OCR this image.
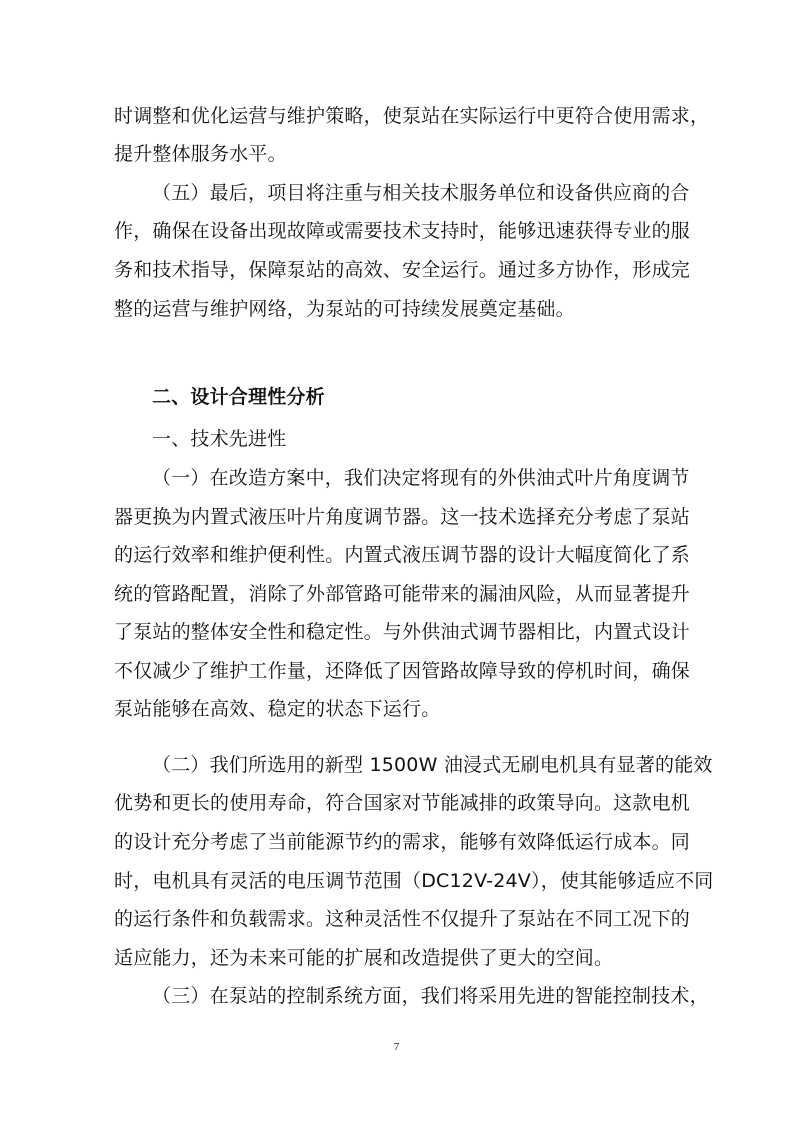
时调整和优化运营与维护策略，使泵站在实际运行中更符合使用需求，
提升整体服务水平。
（五）最后，项目将注重与相关技术服务单位和设备供应商的合
作，确保在设备出现故障或需要技术支持时，能够迅速获得专业的服
务和技术指导，保障泵站的高效、安全运行。通过多方协作，形成完
整的运营与维护网络，为泵站的可持续发展奠定基础。
二、设计合理性分析
一、技术先进性
（一）在改造方案中，我们决定将现有的外供油式叶片角度调节
器更换为内置式液压叶片角度调节器。这一技术选择充分考虑了泵站
的运行效率和维护便利性。内置式液压调节器的设计大幅度简化了系
统的管路配置，消除了外部管路可能带来的漏油风险，从而显著提升
了泵站的整体安全性和稳定性。与外供油式调节器相比，内置式设计
不仅减少了维护工作量，还降低了因管路故障导致的停机时间，确保
泵站能够在高效、稳定的状态下运行。
（二）我们所选用的新型 1500W 油浸式无刷电机具有显著的能效
优势和更长的使用寿命，符合国家对节能减排的政策导向。这款电机
的设计充分考虑了当前能源节约的需求，能够有效降低运行成本。同
时，电机具有灵活的电压调节范围（DC12V-24V），使其能够适应不同
的运行条件和负载需求。这种灵活性不仅提升了泵站在不同工况下的
适应能力，还为未来可能的扩展和改造提供了更大的空间。
（三）在泵站的控制系统方面，我们将采用先进的智能控制技术，
7
